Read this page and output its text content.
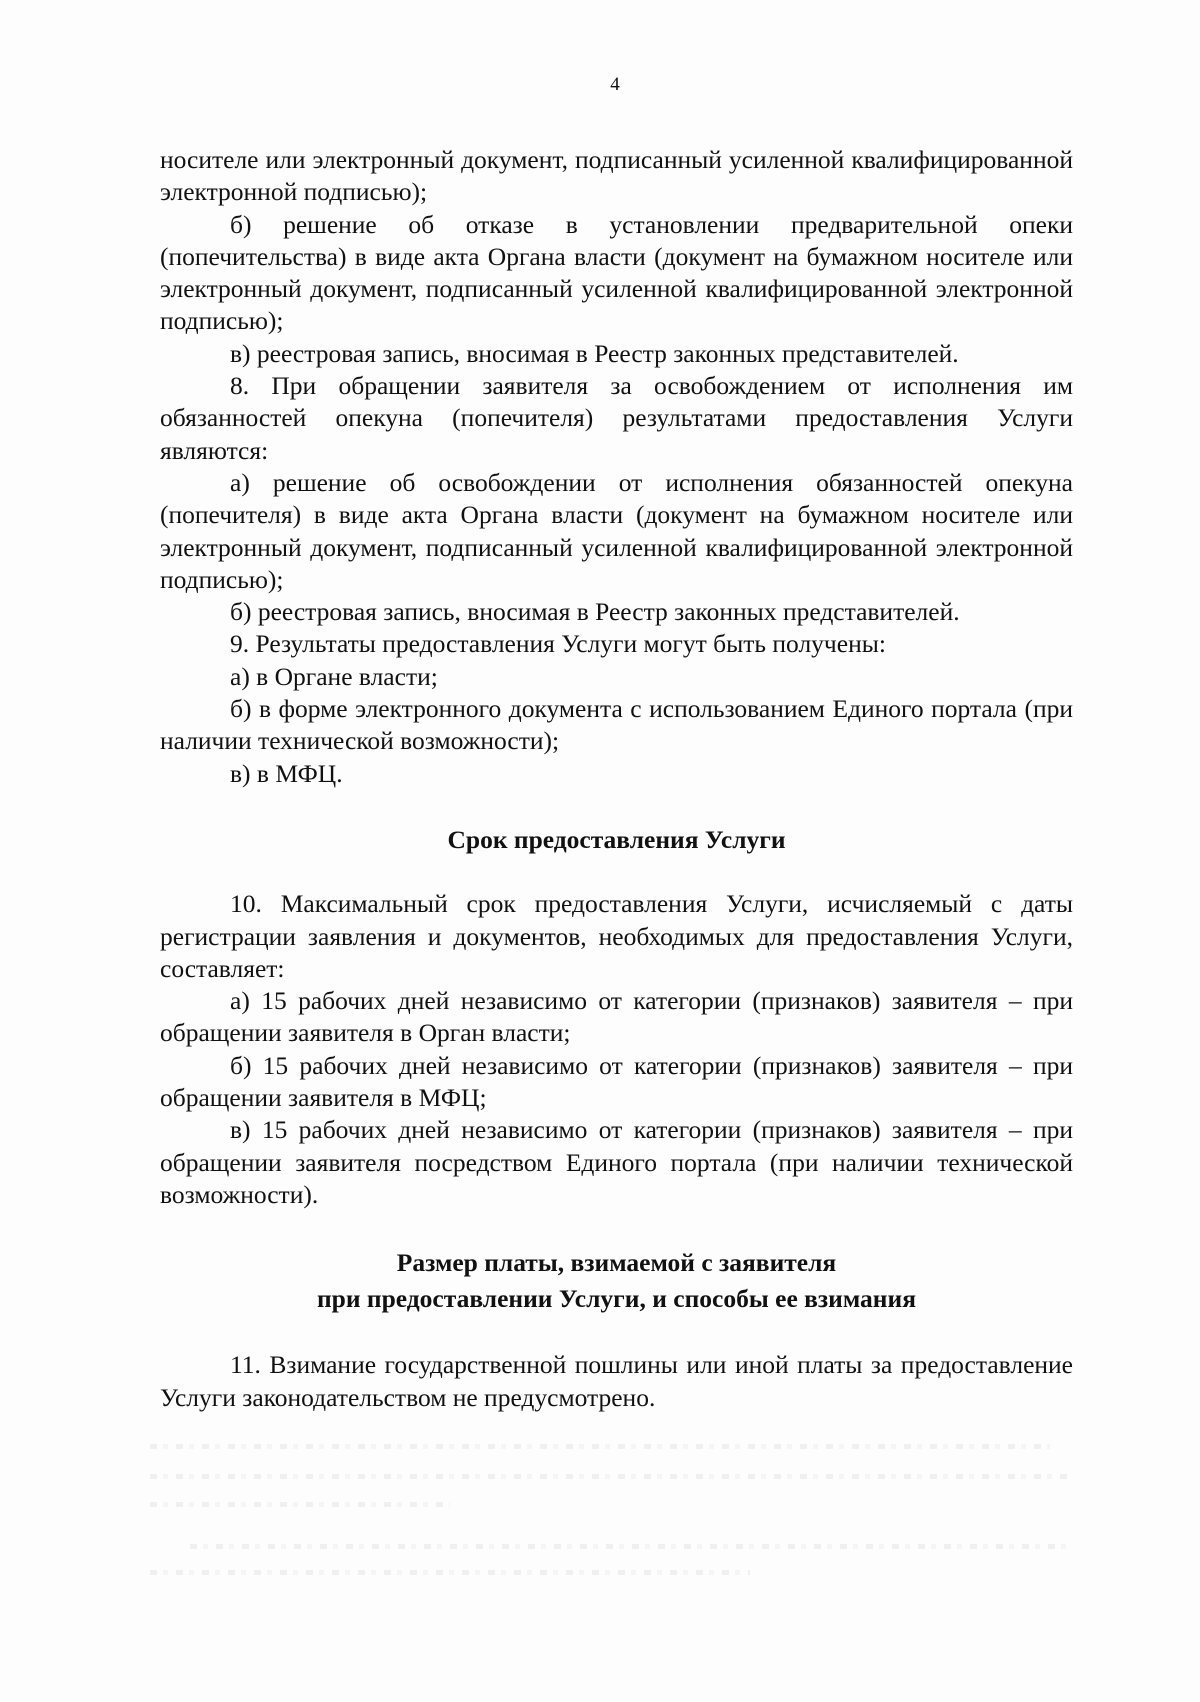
4

носителе или электронный документ, подписанный усиленной квалифицированной электронной подписью);

б) решение об отказе в установлении предварительной опеки (попечительства) в виде акта Органа власти (документ на бумажном носителе или электронный документ, подписанный усиленной квалифицированной электронной подписью);

в) реестровая запись, вносимая в Реестр законных представителей.

8. При обращении заявителя за освобождением от исполнения им обязанностей опекуна (попечителя) результатами предоставления Услуги являются:

а) решение об освобождении от исполнения обязанностей опекуна (попечителя) в виде акта Органа власти (документ на бумажном носителе или электронный документ, подписанный усиленной квалифицированной электронной подписью);

б) реестровая запись, вносимая в Реестр законных представителей.

9. Результаты предоставления Услуги могут быть получены:

а) в Органе власти;

б) в форме электронного документа с использованием Единого портала (при наличии технической возможности);

в) в МФЦ.

Срок предоставления Услуги

10. Максимальный срок предоставления Услуги, исчисляемый с даты регистрации заявления и документов, необходимых для предоставления Услуги, составляет:

а) 15 рабочих дней независимо от категории (признаков) заявителя – при обращении заявителя в Орган власти;

б) 15 рабочих дней независимо от категории (признаков) заявителя – при обращении заявителя в МФЦ;

в) 15 рабочих дней независимо от категории (признаков) заявителя – при обращении заявителя посредством Единого портала (при наличии технической возможности).

Размер платы, взимаемой с заявителя
при предоставлении Услуги, и способы ее взимания

11. Взимание государственной пошлины или иной платы за предоставление Услуги законодательством не предусмотрено.
